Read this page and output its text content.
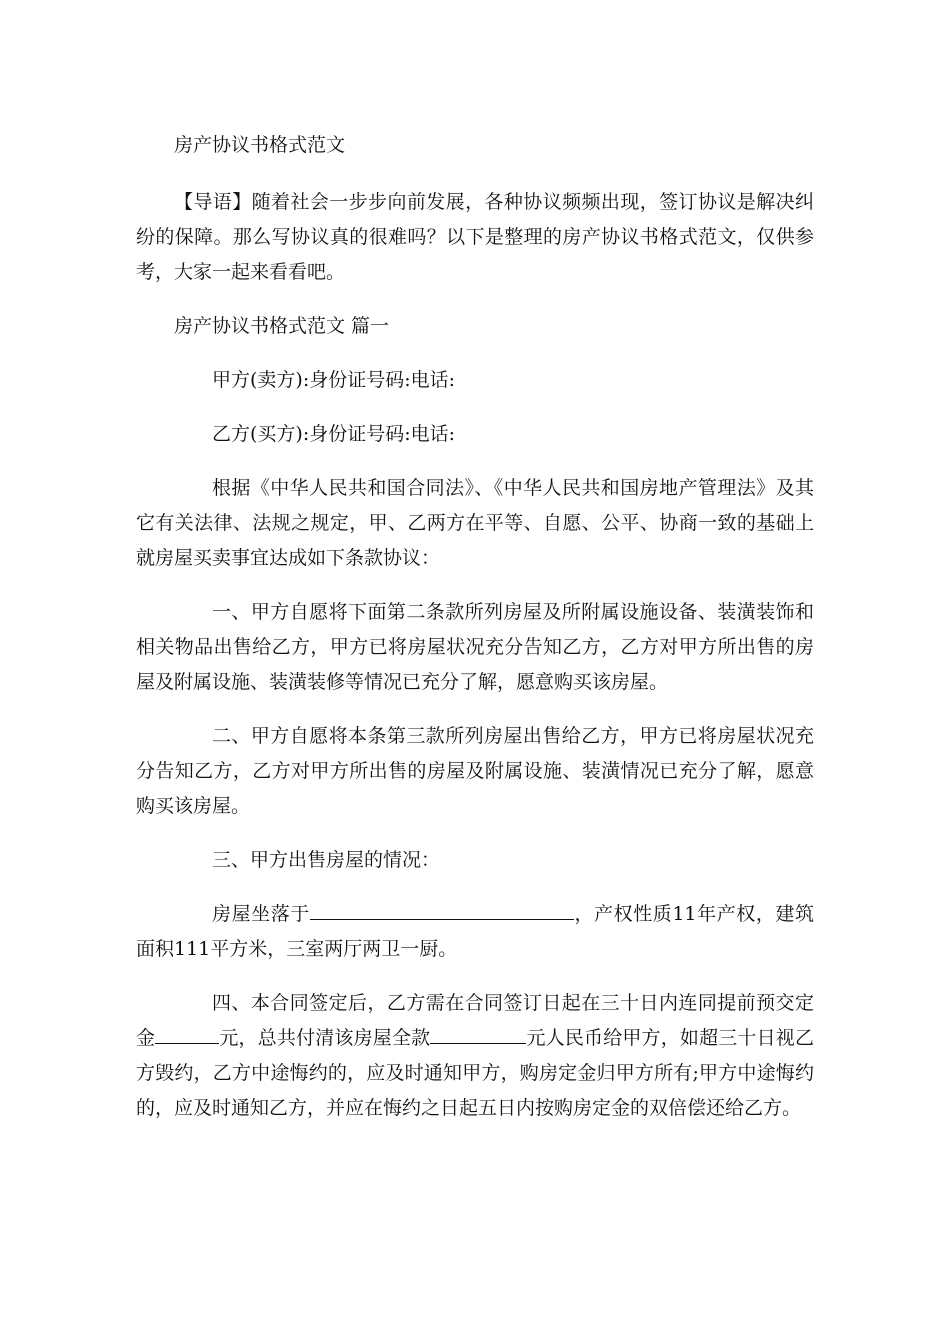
房产协议书格式范文

【导语】随着社会一步步向前发展，各种协议频频出现，签订协议是解决纠纷的保障。那么写协议真的很难吗？以下是整理的房产协议书格式范文，仅供参考，大家一起来看看吧。

房产协议书格式范文 篇一

甲方(卖方):身份证号码:电话:

乙方(买方):身份证号码:电话:

根据《中华人民共和国合同法》、《中华人民共和国房地产管理法》及其它有关法律、法规之规定，甲、乙两方在平等、自愿、公平、协商一致的基础上就房屋买卖事宜达成如下条款协议：

一、甲方自愿将下面第二条款所列房屋及所附属设施设备、装潢装饰和相关物品出售给乙方，甲方已将房屋状况充分告知乙方，乙方对甲方所出售的房屋及附属设施、装潢装修等情况已充分了解，愿意购买该房屋。

二、甲方自愿将本条第三款所列房屋出售给乙方，甲方已将房屋状况充分告知乙方，乙方对甲方所出售的房屋及附属设施、装潢情况已充分了解，愿意购买该房屋。

三、甲方出售房屋的情况：

房屋坐落于	，产权性质11年产权，建筑面积111平方米，三室两厅两卫一厨。

四、本合同签定后，乙方需在合同签订日起在三十日内连同提前预交定金	元，总共付清该房屋全款	元人民币给甲方，如超三十日视乙方毁约，乙方中途悔约的，应及时通知甲方，购房定金归甲方所有;甲方中途悔约的，应及时通知乙方，并应在悔约之日起五日内按购房定金的双倍偿还给乙方。
